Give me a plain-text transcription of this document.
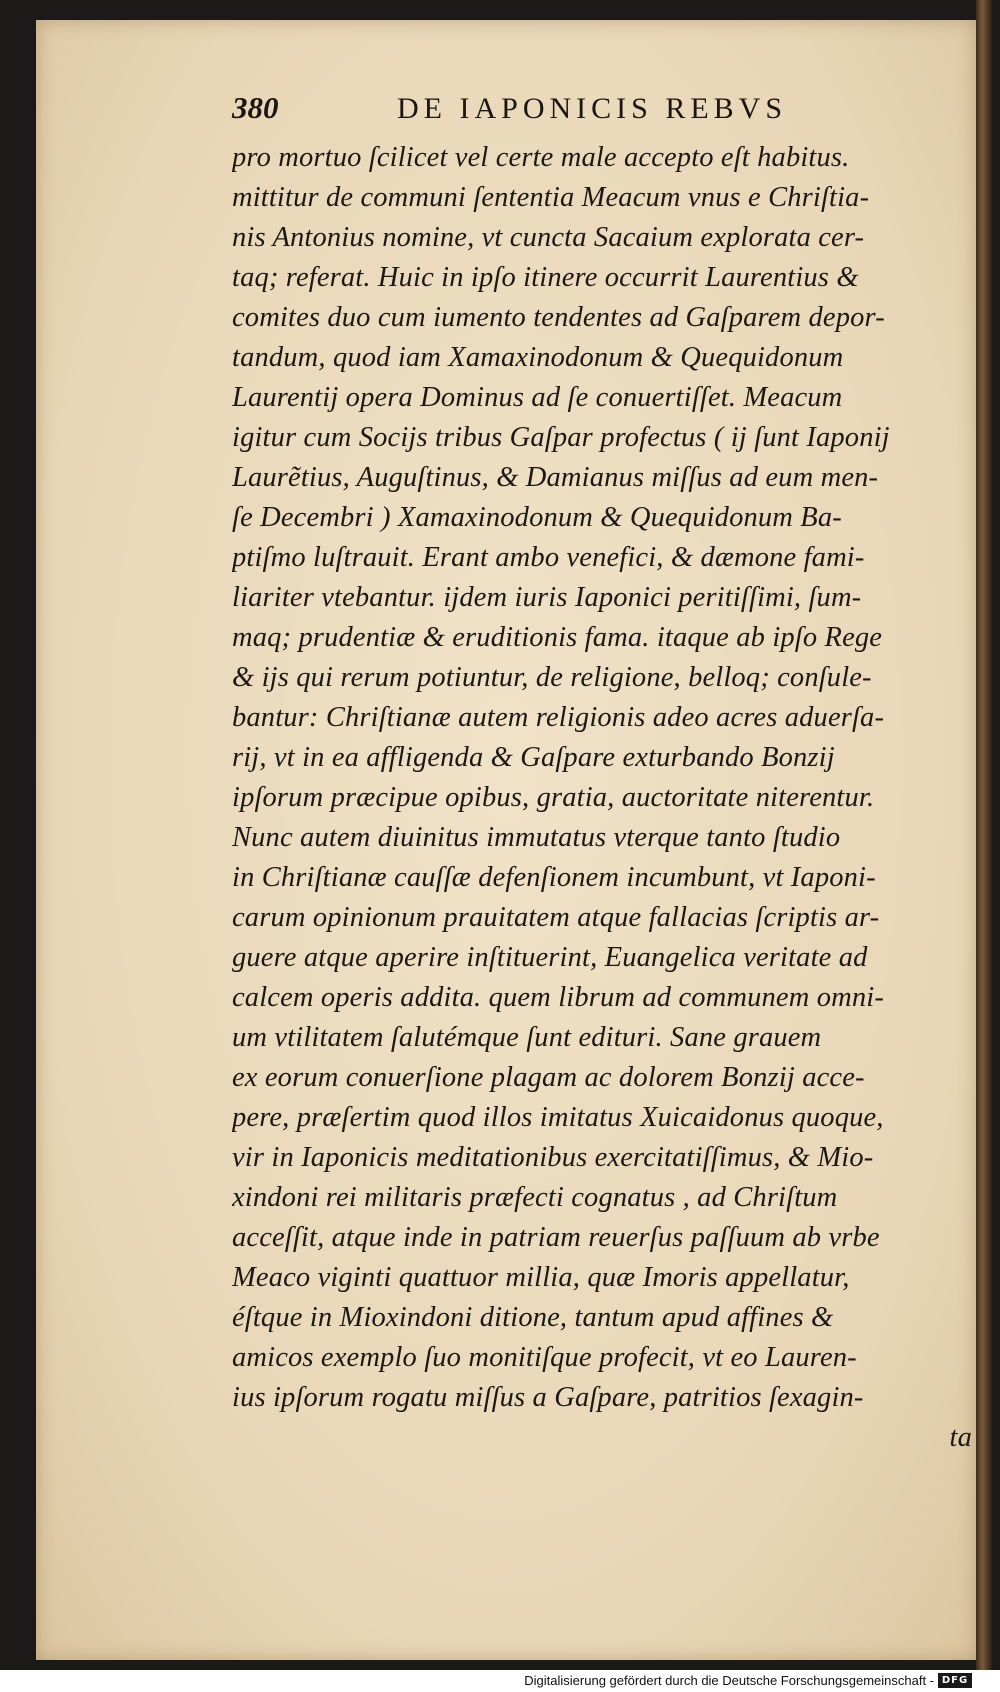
380	DE IAPONICIS REBVS
pro mortuo ſcilicet vel certe male accepto eſt habitus.
mittitur de communi ſententia Meacum vnus e Chriſtia-
nis Antonius nomine, vt cuncta Sacaium explorata cer-
taq; referat. Huic in ipſo itinere occurrit Laurentius &
comites duo cum iumento tendentes ad Gaſparem depor-
tandum, quod iam Xamaxinodonum & Quequidonum
Laurentij opera Dominus ad ſe conuertiſſet. Meacum
igitur cum Socijs tribus Gaſpar profectus ( ij ſunt Iaponij
Laurẽtius, Auguſtinus, & Damianus miſſus ad eum men-
ſe Decembri ) Xamaxinodonum & Quequidonum Ba-
ptiſmo luſtrauit. Erant ambo venefici, & dæmone fami-
liariter vtebantur. ijdem iuris Iaponici peritiſſimi, ſum-
maq; prudentiæ & eruditionis fama. itaque ab ipſo Rege
& ijs qui rerum potiuntur, de religione, belloq; conſule-
bantur: Chriſtianæ autem religionis adeo acres aduerſa-
rij, vt in ea affligenda & Gaſpare exturbando Bonzij
ipſorum præcipue opibus, gratia, auctoritate niterentur.
Nunc autem diuinitus immutatus vterque tanto ſtudio
in Chriſtianæ cauſſæ defenſionem incumbunt, vt Iaponi-
carum opinionum prauitatem atque fallacias ſcriptis ar-
guere atque aperire inſtituerint, Euangelica veritate ad
calcem operis addita. quem librum ad communem omni-
um vtilitatem ſalutémque ſunt edituri. Sane grauem
ex eorum conuerſione plagam ac dolorem Bonzij acce-
pere, præſertim quod illos imitatus Xuicaidonus quoque,
vir in Iaponicis meditationibus exercitatiſſimus, & Mio-
xindoni rei militaris præfecti cognatus , ad Chriſtum
acceſſit, atque inde in patriam reuerſus paſſuum ab vrbe
Meaco viginti quattuor millia, quæ Imoris appellatur,
éſtque in Mioxindoni ditione, tantum apud affines &
amicos exemplo ſuo monitiſque profecit, vt eo Lauren-
ius ipſorum rogatu miſſus a Gaſpare, patritios ſexagin-
ta
Digitalisierung gefördert durch die Deutsche Forschungsgemeinschaft - DFG
